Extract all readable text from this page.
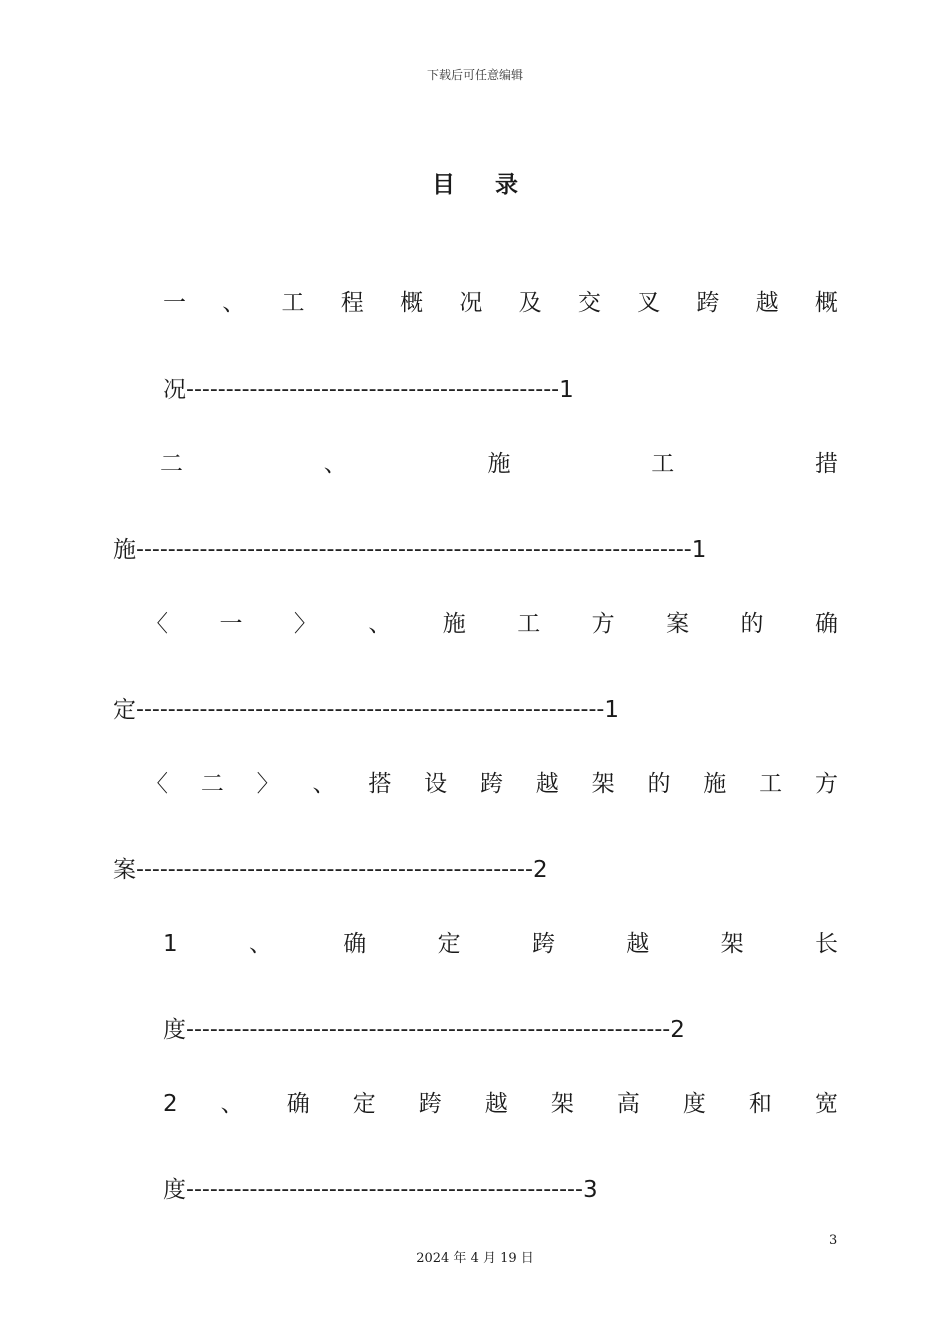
下载后可任意编辑
目 录
一 、 工 程 概 况 及 交 叉 跨 越 概
况 ----------------------------------------------- 1
二	、	施	工	措
施 ---------------------------------------------------------------------- 1
〈 一 〉 、 施 工 方 案 的 确
定 ----------------------------------------------------------- 1
〈 二 〉 、 搭 设 跨 越 架 的 施 工 方
案 -------------------------------------------------- 2
1	、	确	定	跨	越	架	长
度 ------------------------------------------------------------- 2
2 、 确 定 跨 越 架 高 度 和 宽
度 -------------------------------------------------- 3
3
2024 年 4 月 19 日
